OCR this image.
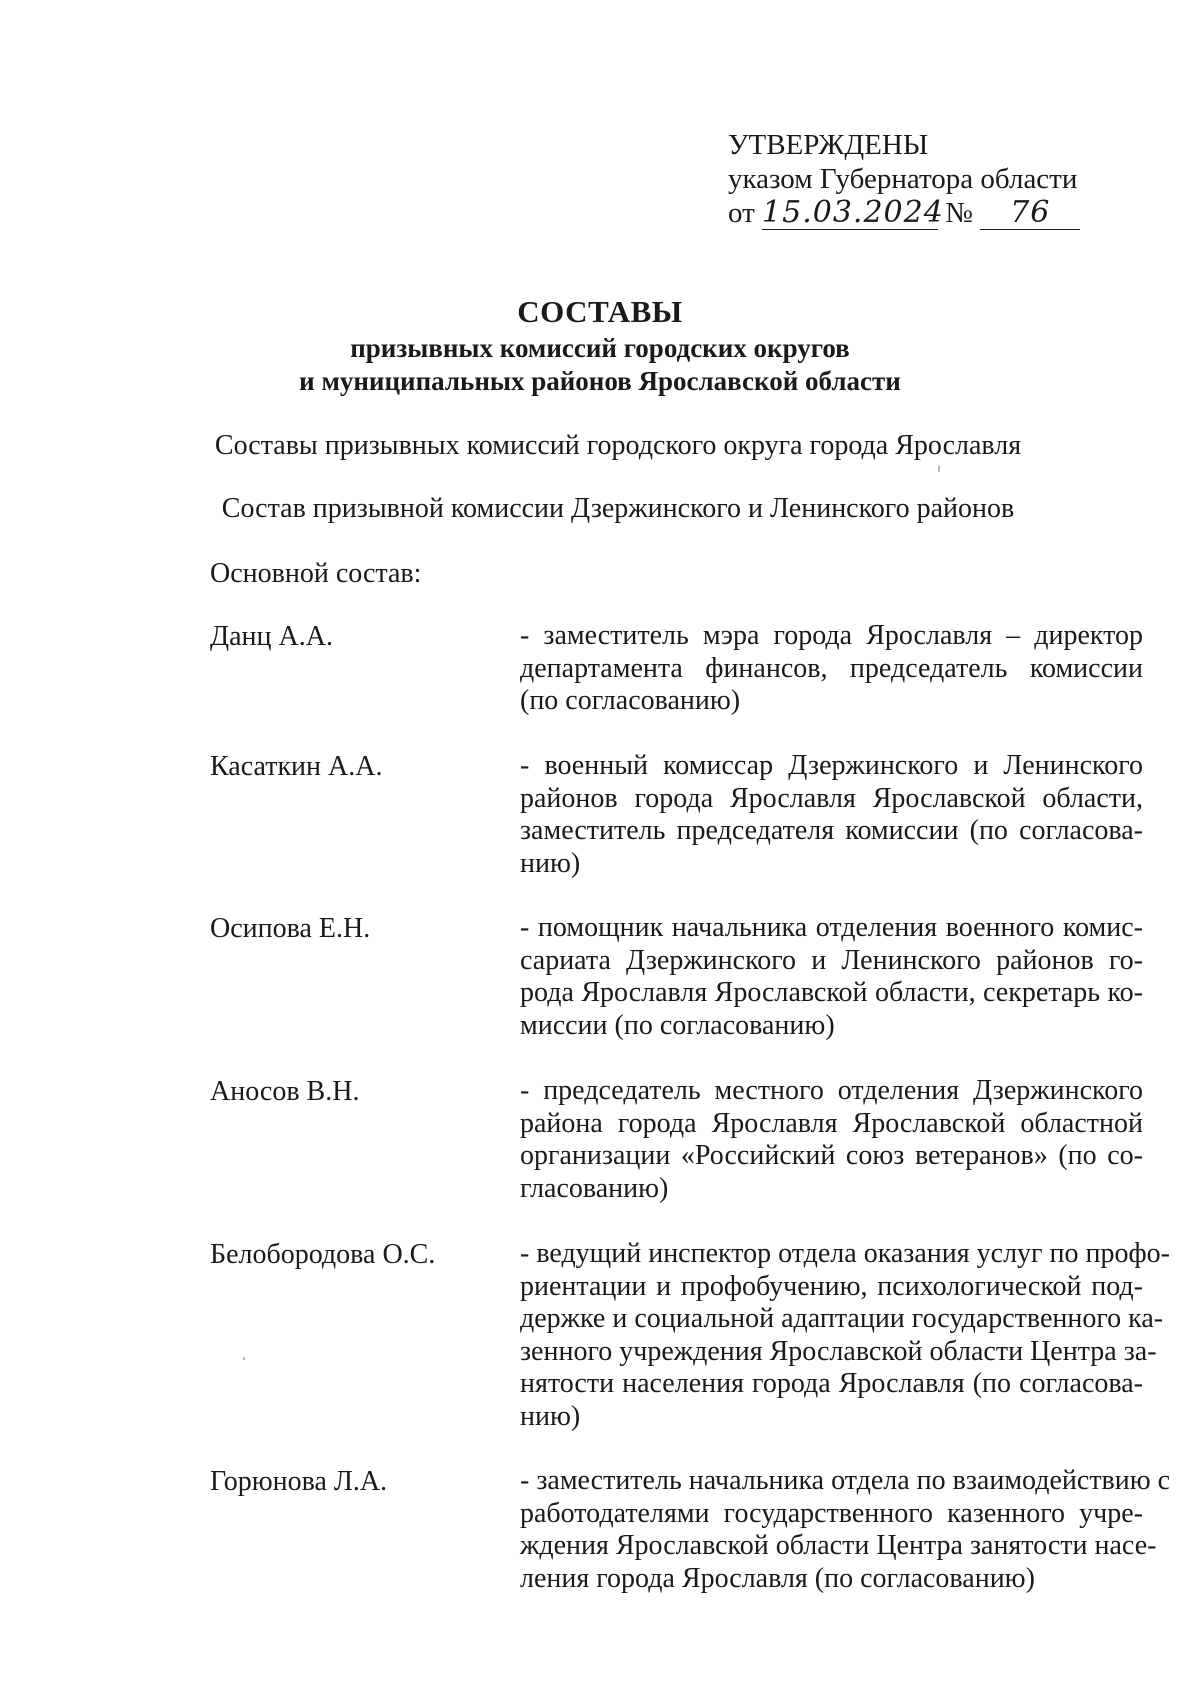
УТВЕРЖДЕНЫ
указом Губернатора области
от 15.03.2024 № 76
СОСТАВЫ
призывных комиссий городских округов
и муниципальных районов Ярославской области
Составы призывных комиссий городского округа города Ярославля
Состав призывной комиссии Дзержинского и Ленинского районов
Основной состав:
Данц А.А.	- заместитель мэра города Ярославля – директор
департамента финансов, председатель комиссии
(по согласованию)
Касаткин А.А.	- военный комиссар Дзержинского и Ленинского
районов города Ярославля Ярославской области,
заместитель председателя комиссии (по согласова-
нию)
Осипова Е.Н.	- помощник начальника отделения военного комис-
сариата Дзержинского и Ленинского районов го-
рода Ярославля Ярославской области, секретарь ко-
миссии (по согласованию)
Аносов В.Н.	- председатель местного отделения Дзержинского
района города Ярославля Ярославской областной
организации «Российский союз ветеранов» (по со-
гласованию)
Белобородова О.С.	- ведущий инспектор отдела оказания услуг по профо-
риентации и профобучению, психологической под-
держке и социальной адаптации государственного ка-
зенного учреждения Ярославской области Центра за-
нятости населения города Ярославля (по согласова-
нию)
Горюнова Л.А.	- заместитель начальника отдела по взаимодействию с
работодателями государственного казенного учре-
ждения Ярославской области Центра занятости насе-
ления города Ярославля (по согласованию)
